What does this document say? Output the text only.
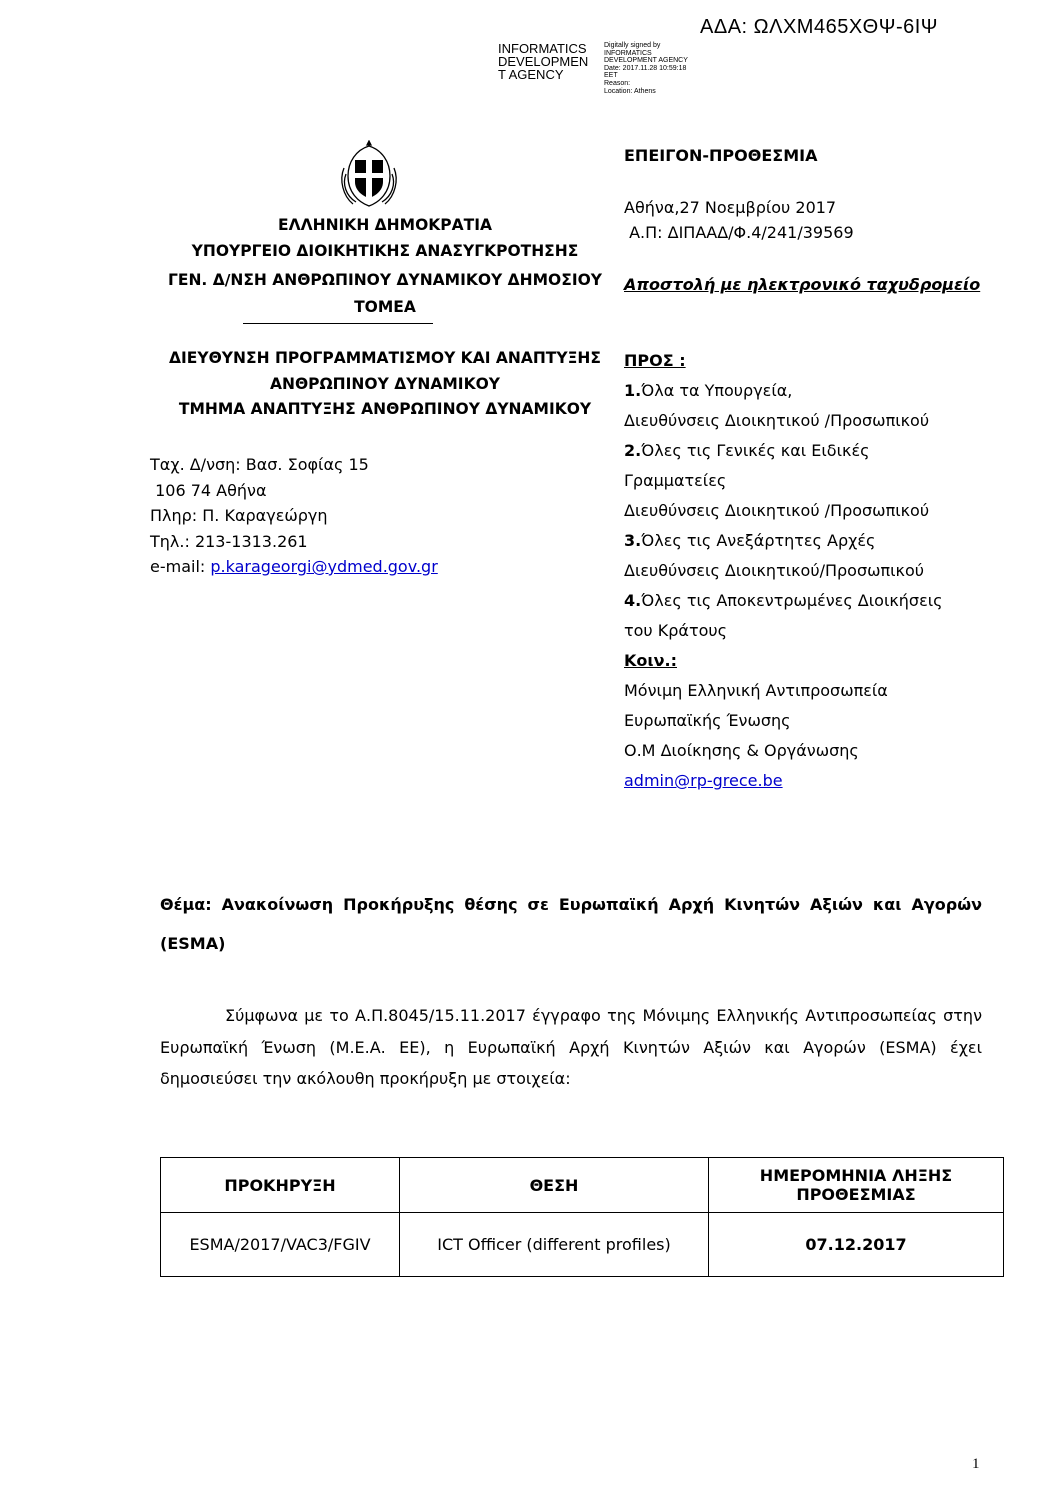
ΑΔΑ: ΩΛΧΜ465ΧΘΨ-6ΙΨ
INFORMATICS
DEVELOPMEN
T AGENCY
Digitally signed by
INFORMATICS
DEVELOPMENT AGENCY
Date: 2017.11.28 10:59:18
EET
Reason:
Location: Athens
ΕΛΛΗΝΙΚΗ ΔΗΜΟΚΡΑΤΙΑ
ΥΠΟΥΡΓΕΙΟ ΔΙΟΙΚΗΤΙΚΗΣ ΑΝΑΣΥΓΚΡΟΤΗΣΗΣ
ΓΕΝ. Δ/ΝΣΗ ΑΝΘΡΩΠΙΝΟΥ ΔΥΝΑΜΙΚΟΥ ΔΗΜΟΣΙΟΥ
ΤΟΜΕΑ
ΔΙΕΥΘΥΝΣΗ ΠΡΟΓΡΑΜΜΑΤΙΣΜΟΥ ΚΑΙ ΑΝΑΠΤΥΞΗΣ
ΑΝΘΡΩΠΙΝΟΥ ΔΥΝΑΜΙΚΟΥ
ΤΜΗΜΑ ΑΝΑΠΤΥΞΗΣ ΑΝΘΡΩΠΙΝΟΥ ΔΥΝΑΜΙΚΟΥ
Ταχ. Δ/νση: Βασ. Σοφίας 15
106 74 Αθήνα
Πληρ: Π. Καραγεώργη
Τηλ.: 213-1313.261
e-mail: p.karageorgi@ydmed.gov.gr
ΕΠΕΙΓΟΝ-ΠΡΟΘΕΣΜΙΑ
Αθήνα,27 Νοεμβρίου 2017
Α.Π: ΔΙΠΑΑΔ/Φ.4/241/39569
Αποστολή με ηλεκτρονικό ταχυδρομείο
ΠΡΟΣ :
1.Όλα τα Υπουργεία,
Διευθύνσεις Διοικητικού /Προσωπικού
2.Όλες τις Γενικές και Ειδικές
Γραμματείες
Διευθύνσεις Διοικητικού /Προσωπικού
3.Όλες τις Ανεξάρτητες Αρχές
Διευθύνσεις Διοικητικού/Προσωπικού
4.Όλες τις Αποκεντρωμένες Διοικήσεις
του Κράτους
Κοιν.:
Μόνιμη Ελληνική Αντιπροσωπεία
Ευρωπαϊκής Ένωσης
Ο.Μ Διοίκησης & Οργάνωσης
admin@rp-grece.be
Θέμα: Ανακοίνωση Προκήρυξης θέσης σε Ευρωπαϊκή Αρχή Κινητών Αξιών και Αγορών (ESMA)
Σύμφωνα με το Α.Π.8045/15.11.2017 έγγραφο της Μόνιμης Ελληνικής Αντιπροσωπείας στην Ευρωπαϊκή Ένωση (Μ.Ε.Α. ΕΕ), η Ευρωπαϊκή Αρχή Κινητών Αξιών και Αγορών (ESMA) έχει δημοσιεύσει την ακόλουθη προκήρυξη με στοιχεία:
ΠΡΟΚΗΡΥΞΗ	ΘΕΣΗ	ΗΜΕΡΟΜΗΝΙΑ ΛΗΞΗΣ ΠΡΟΘΕΣΜΙΑΣ
ESMA/2017/VAC3/FGIV	ICT Officer (different profiles)	07.12.2017
1
